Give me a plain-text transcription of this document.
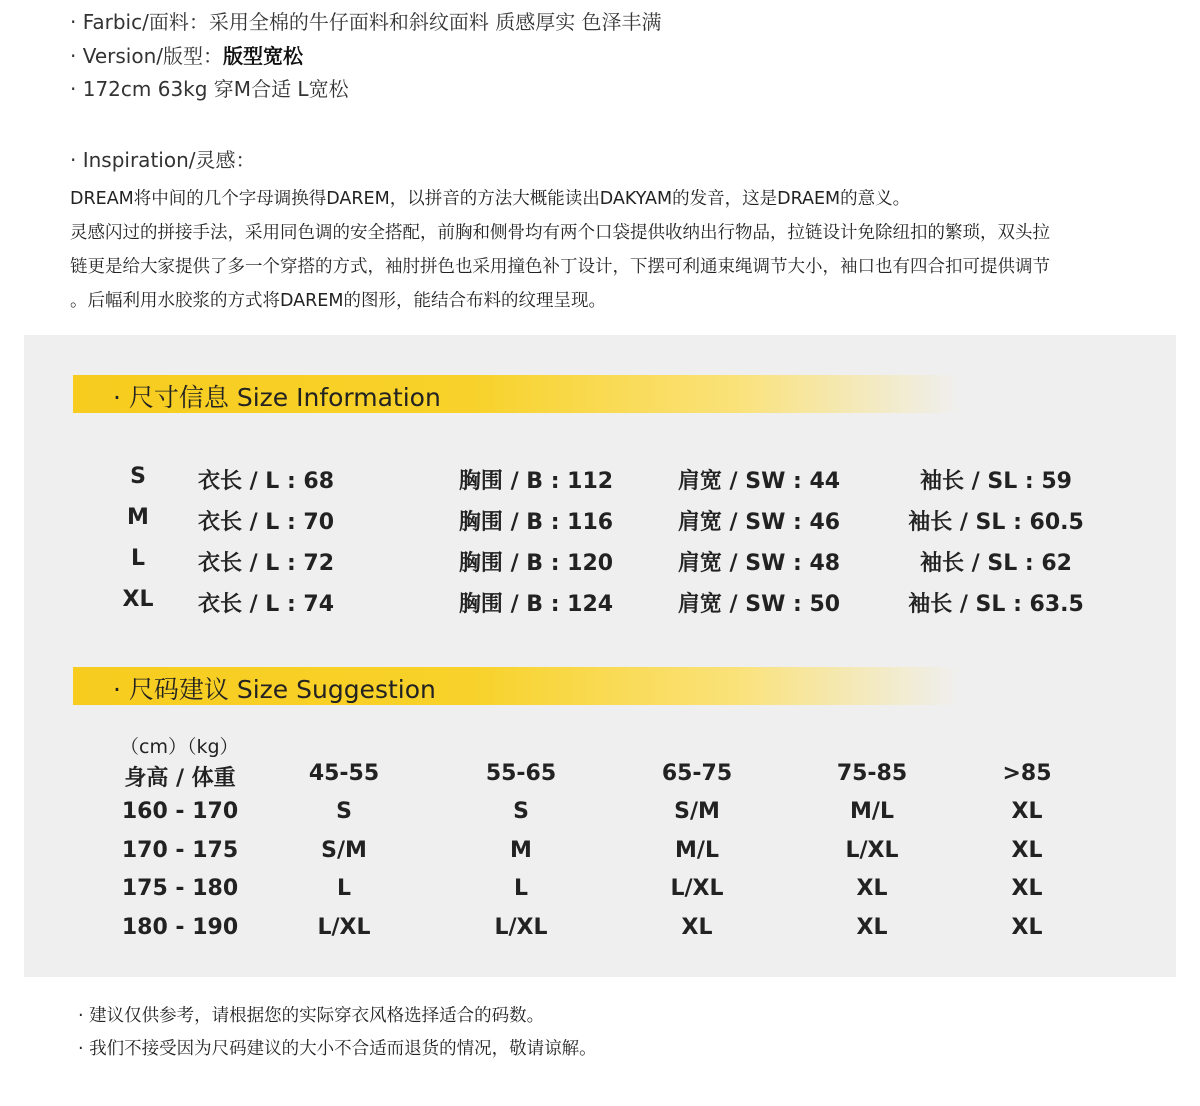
· Farbic/面料：采用全棉的牛仔面料和斜纹面料 质感厚实 色泽丰满
· Version/版型：版型宽松
· 172cm 63kg 穿M合适 L宽松
· Inspiration/灵感：
DREAM将中间的几个字母调换得DAREM，以拼音的方法大概能读出DAKYAM的发音，这是DRAEM的意义。
灵感闪过的拼接手法，采用同色调的安全搭配，前胸和侧骨均有两个口袋提供收纳出行物品，拉链设计免除纽扣的繁琐，双头拉
链更是给大家提供了多一个穿搭的方式，袖肘拼色也采用撞色补丁设计，下摆可利通束绳调节大小，袖口也有四合扣可提供调节
。后幅利用水胶浆的方式将DAREM的图形，能结合布料的纹理呈现。
· 尺寸信息 Size Information
S 衣长 / L : 68	胸围 / B : 112	肩宽 / SW : 44	袖长 / SL : 59
M 衣长 / L : 70	胸围 / B : 116	肩宽 / SW : 46	袖长 / SL : 60.5
L 衣长 / L : 72	胸围 / B : 120	肩宽 / SW : 48	袖长 / SL : 62
XL 衣长 / L : 74	胸围 / B : 124	肩宽 / SW : 50	袖长 / SL : 63.5
· 尺码建议 Size Suggestion
身高 / 体重	45-55	55-65	65-75	75-85	>85
160 - 170	S	S	S/M	M/L	XL
170 - 175	S/M	M	M/L	L/XL	XL
175 - 180	L	L	L/XL	XL	XL
180 - 190	L/XL	L/XL	XL	XL	XL
（cm）（kg）
· 建议仅供参考，请根据您的实际穿衣风格选择适合的码数。
· 我们不接受因为尺码建议的大小不合适而退货的情况，敬请谅解。
